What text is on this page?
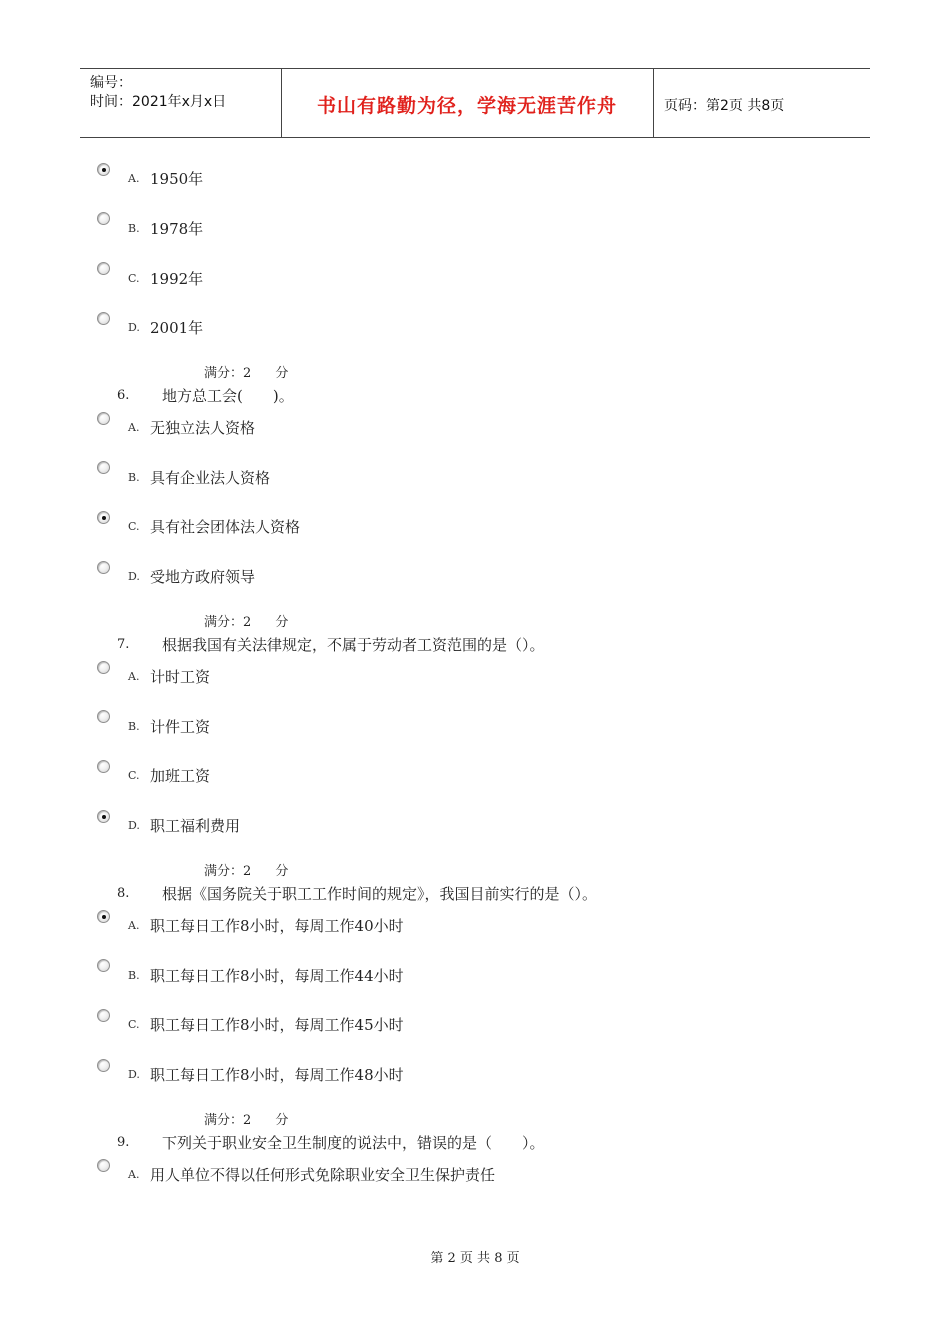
编号：
时间：2021年x月x日	书山有路勤为径，学海无涯苦作舟	页码：第2页 共8页
A. 1950年
B. 1978年
C. 1992年
D. 2001年
满分：2 分
6. 地方总工会(　　)。
A. 无独立法人资格
B. 具有企业法人资格
C. 具有社会团体法人资格
D. 受地方政府领导
满分：2 分
7. 根据我国有关法律规定，不属于劳动者工资范围的是（）。
A. 计时工资
B. 计件工资
C. 加班工资
D. 职工福利费用
满分：2 分
8. 根据《国务院关于职工工作时间的规定》，我国目前实行的是（）。
A. 职工每日工作8小时，每周工作40小时
B. 职工每日工作8小时，每周工作44小时
C. 职工每日工作8小时，每周工作45小时
D. 职工每日工作8小时，每周工作48小时
满分：2 分
9. 下列关于职业安全卫生制度的说法中，错误的是（　　）。
A. 用人单位不得以任何形式免除职业安全卫生保护责任
第 2 页 共 8 页
